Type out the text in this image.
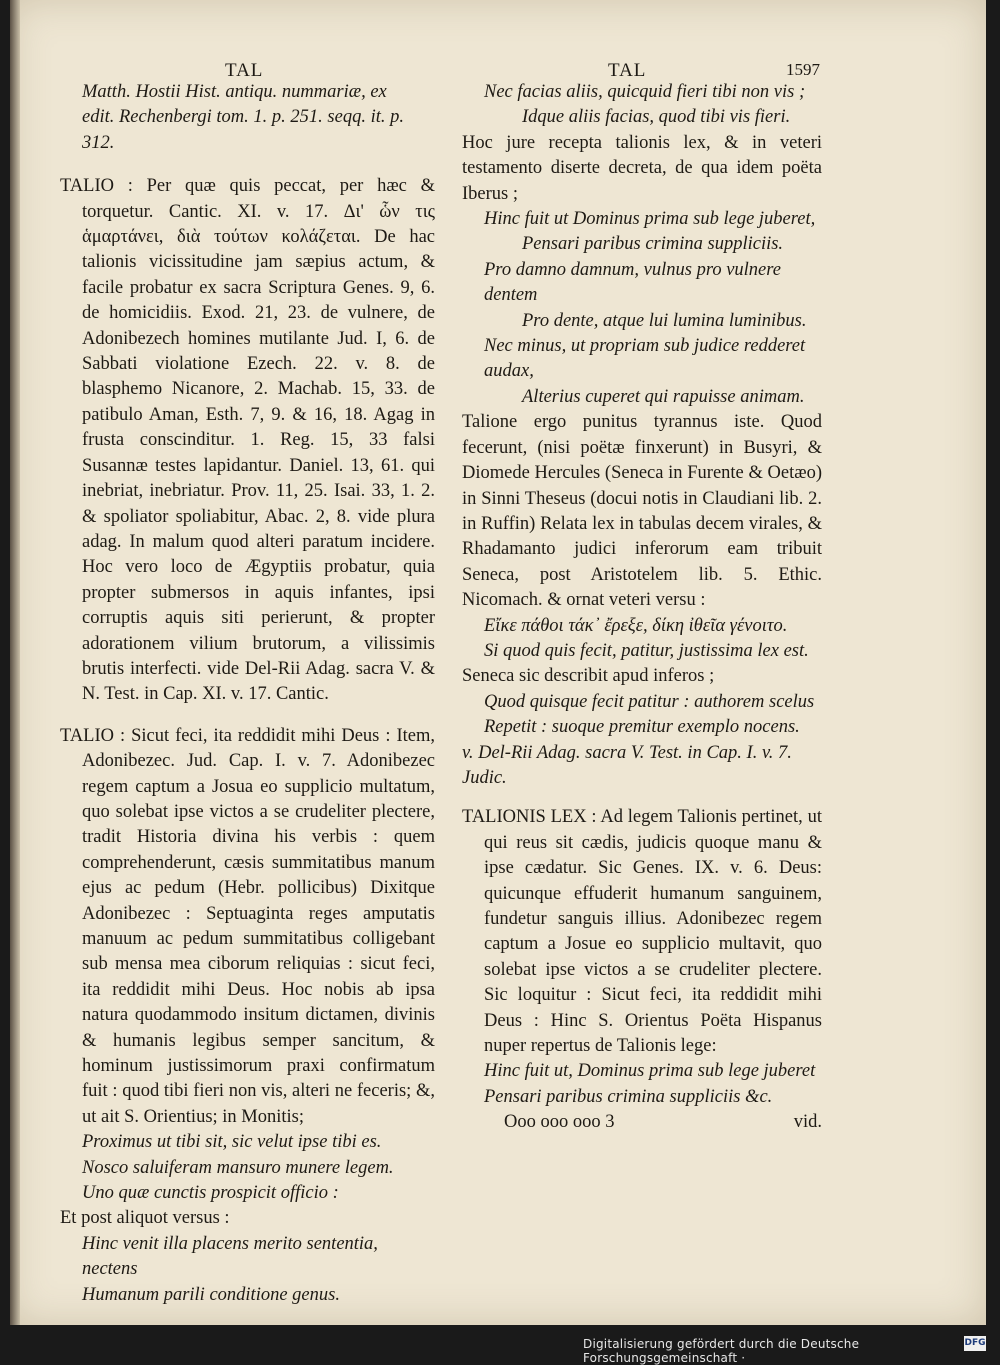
TAL	TAL	1597

Matth. Hostii Hist. antiqu. nummariæ, ex

edit. Rechenbergi tom. 1. p. 251. seqq. it. p. 312.

TALIO : Per quæ quis peccat, per hæc & torquetur. Cantic. XI. v. 17. Δι' ὧν τις ἁμαρτάνει, διὰ τούτων κολάζεται. De hac talionis vicissitudine jam sæpius actum, & facile probatur ex sacra Scriptura Genes. 9, 6. de homicidiis. Exod. 21, 23. de vulnere, de Adonibezech homines mutilante Jud. I, 6. de Sabbati violatione Ezech. 22. v. 8. de blasphemo Nicanore, 2. Machab. 15, 33. de patibulo Aman, Esth. 7, 9. & 16, 18. Agag in frusta conscinditur. 1. Reg. 15, 33 falsi Susannæ testes lapidantur. Daniel. 13, 61. qui inebriat, inebriatur. Prov. 11, 25. Isai. 33, 1. 2. & spoliator spoliabitur, Abac. 2, 8. vide plura adag. In malum quod alteri paratum incidere. Hoc vero loco de Ægyptiis probatur, quia propter submersos in aquis infantes, ipsi corruptis aquis siti perierunt, & propter adorationem vilium brutorum, a vilissimis brutis interfecti. vide Del-Rii Adag. sacra V. & N. Test. in Cap. XI. v. 17. Cantic.

TALIO : Sicut feci, ita reddidit mihi Deus : Item, Adonibezec. Jud. Cap. I. v. 7. Adonibezec regem captum a Josua eo supplicio multatum, quo solebat ipse victos a se crudeliter plectere, tradit Historia divina his verbis : quem comprehenderunt, cæsis summitatibus manum ejus ac pedum (Hebr. pollicibus) Dixitque Adonibezec : Septuaginta reges amputatis manuum ac pedum summitatibus colligebant sub mensa mea ciborum reliquias : sicut feci, ita reddidit mihi Deus. Hoc nobis ab ipsa natura quodammodo insitum dictamen, divinis & humanis legibus semper sancitum, & hominum justissimorum praxi confirmatum fuit : quod tibi fieri non vis, alteri ne feceris; &, ut ait S. Orientius; in Monitis;

Proximus ut tibi sit, sic velut ipse tibi es.

Nosco saluiferam mansuro munere legem.

Uno quæ cunctis prospicit officio :

Et post aliquot versus :

Hinc venit illa placens merito sententia, nectens

Humanum parili conditione genus.

Nec facias aliis, quicquid fieri tibi non vis ;

Idque aliis facias, quod tibi vis fieri.

Hoc jure recepta talionis lex, & in veteri testamento diserte decreta, de qua idem poëta Iberus ;

Hinc fuit ut Dominus prima sub lege juberet,

Pensari paribus crimina suppliciis.

Pro damno damnum, vulnus pro vulnere dentem

Pro dente, atque lui lumina luminibus.

Nec minus, ut propriam sub judice redderet audax,

Alterius cuperet qui rapuisse animam.

Talione ergo punitus tyrannus iste. Quod fecerunt, (nisi poëtæ finxerunt) in Busyri, & Diomede Hercules (Seneca in Furente & Oetæo) in Sinni Theseus (docui notis in Claudiani lib. 2. in Ruffin) Relata lex in tabulas decem virales, & Rhadamanto judici inferorum eam tribuit Seneca, post Aristotelem lib. 5. Ethic. Nicomach. & ornat veteri versu :

Εἴκε πάθοι τάκ᾽ ἔρεξε, δίκη ἰθεῖα γένοιτο.

Si quod quis fecit, patitur, justissima lex est.

Seneca sic describit apud inferos ;

Quod quisque fecit patitur : authorem scelus

Repetit : suoque premitur exemplo nocens.

v. Del-Rii Adag. sacra V. Test. in Cap. I. v. 7. Judic.

TALIONIS LEX : Ad legem Talionis pertinet, ut qui reus sit cædis, judicis quoque manu & ipse cædatur. Sic Genes. IX. v. 6. Deus: quicunque effuderit humanum sanguinem, fundetur sanguis illius. Adonibezec regem captum a Josue eo supplicio multavit, quo solebat ipse victos a se crudeliter plectere. Sic loquitur : Sicut feci, ita reddidit mihi Deus : Hinc S. Orientus Poëta Hispanus nuper repertus de Talionis lege:

Hinc fuit ut, Dominus prima sub lege juberet

Pensari paribus crimina suppliciis &c.

Ooo ooo ooo 3	vid.
Digitalisierung gefördert durch die Deutsche Forschungsgemeinschaft ·
DFG
